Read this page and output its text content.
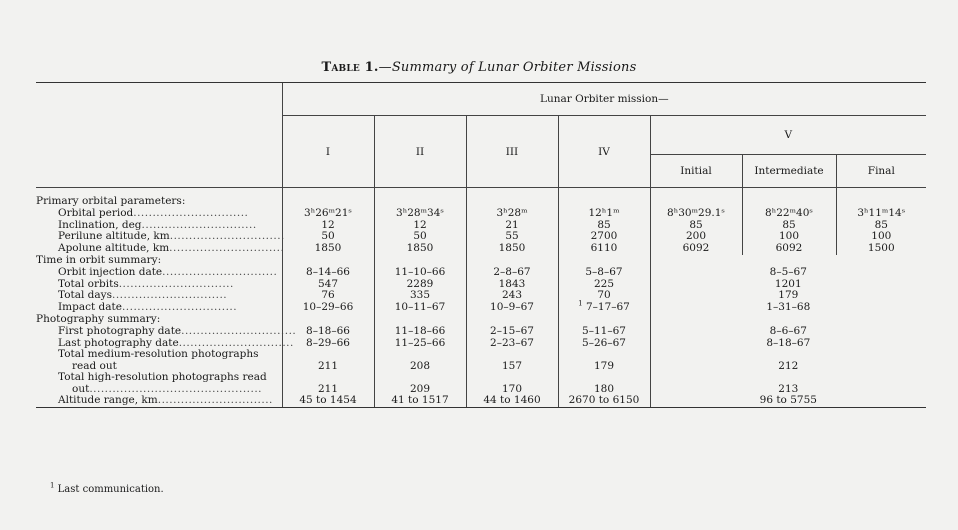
Table 1.—Summary of Lunar Orbiter Missions
	Lunar Orbiter mission—						
	I	II	III	IV	V		
					Initial	Intermediate	Final

Primary orbital parameters:							
Orbital period..............................	3ʰ26ᵐ21ˢ	3ʰ28ᵐ34ˢ	3ʰ28ᵐ	12ʰ1ᵐ	8ʰ30ᵐ29.1ˢ	8ʰ22ᵐ40ˢ	3ʰ11ᵐ14ˢ
Inclination, deg..............................	12	12	21	85	85	85	85
Perilune altitude, km..............................	50	50	55	2700	200	100	100
Apolune altitude, km..............................	1850	1850	1850	6110	6092	6092	1500
Time in orbit summary:							
Orbit injection date..............................	8–14–66	11–10–66	2–8–67	5–8–67	8–5–67		
Total orbits..............................	547	2289	1843	225	1201		
Total days..............................	76	335	243	70	179		
Impact date..............................	10–29–66	10–11–67	10–9–67	$^1$ 7–17–67	1–31–68		
Photography summary:							
First photography date..............................	8–18–66	11–18–66	2–15–67	5–11–67	8–6–67		
Last photography date..............................	8–29–66	11–25–66	2–23–67	5–26–67	8–18–67		
Total medium-resolution photographs
read out	211	208	157	179	212		
Total high-resolution photographs read
out.............................................	211	209	170	180	213		
Altitude range, km..............................	45 to 1454	41 to 1517	44 to 1460	2670 to 6150	96 to 5755		
$^1$ Last communication.
